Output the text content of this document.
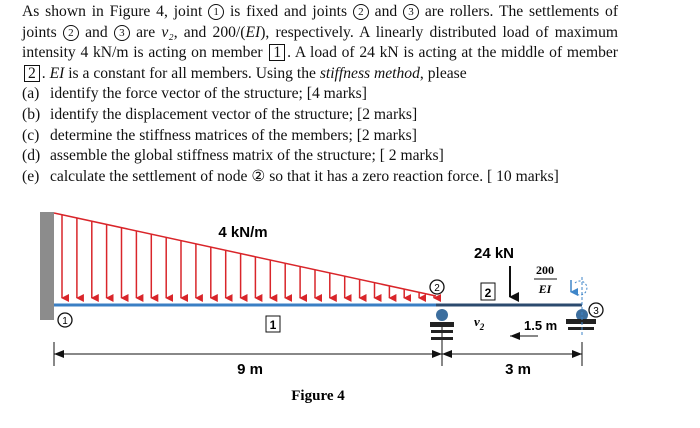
As shown in Figure 4, joint 1 is fixed and joints 2 and 3 are rollers. The settlements of joints 2 and 3 are v₂, and 200/(EI), respectively. A linearly distributed load of maximum intensity 4 kN/m is acting on member 1 . A load of 24 kN is acting at the middle of member 2 . EI is a constant for all members. Using the stiffness method, please

(a) identify the force vector of the structure; [4 marks]
(b) identify the displacement vector of the structure; [2 marks]
(c) determine the stiffness matrices of the members; [2 marks]
(d) assemble the global stiffness matrix of the structure; [ 2 marks]
(e) calculate the settlement of node ② so that it has a zero reaction force. [ 10 marks]
1
2
3
4 kN/m
1
24 kN
2
$v_2$
200
EI
1.5 m
9 m	3 m
Figure 4
